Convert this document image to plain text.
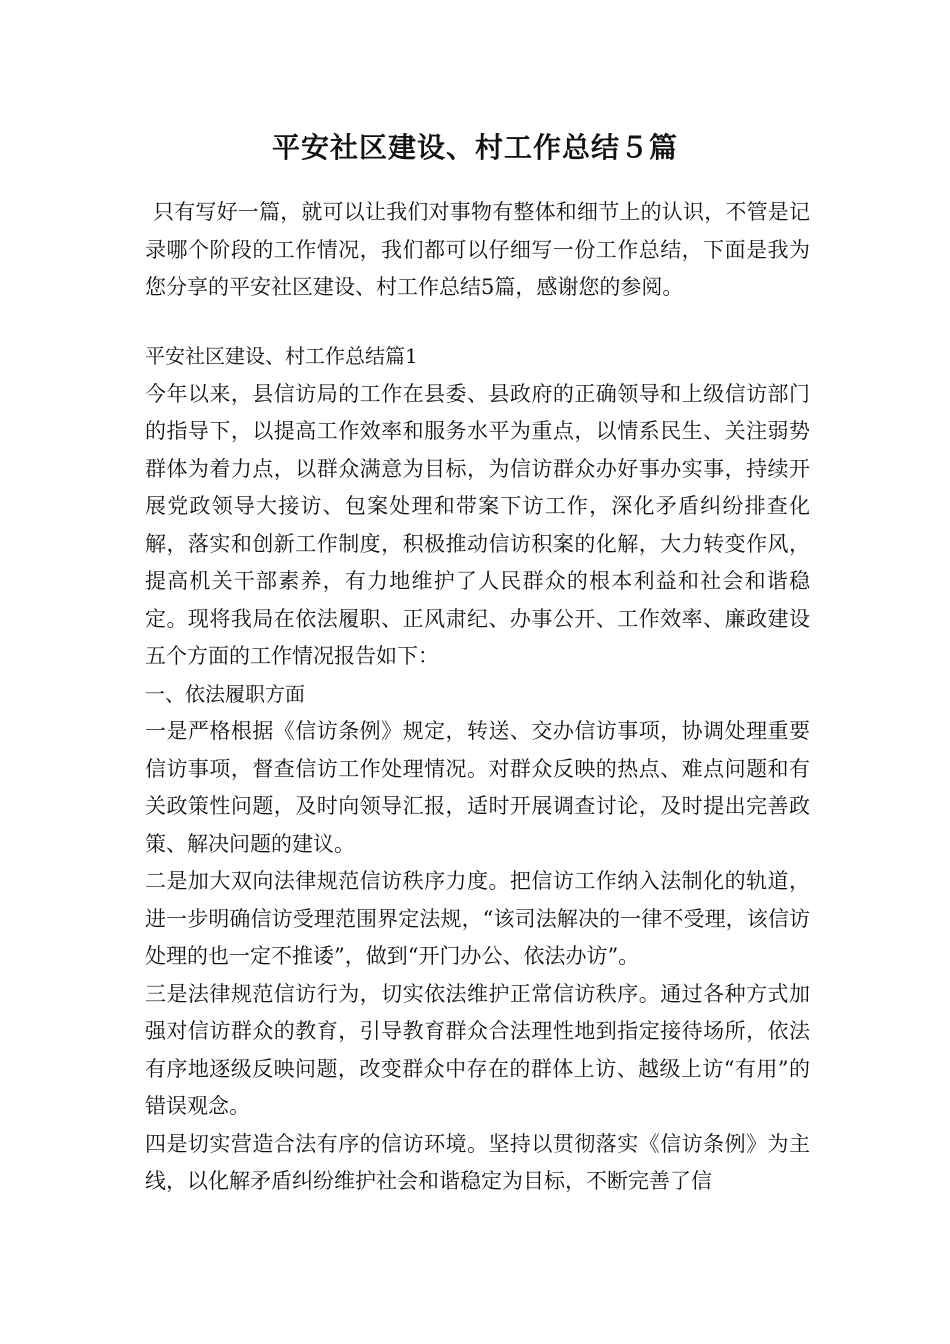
平安社区建设、村工作总结５篇

只有写好一篇，就可以让我们对事物有整体和细节上的认识，不管是记录哪个阶段的工作情况，我们都可以仔细写一份工作总结，下面是我为您分享的平安社区建设、村工作总结5篇，感谢您的参阅。

平安社区建设、村工作总结篇1

今年以来，县信访局的工作在县委、县政府的正确领导和上级信访部门的指导下，以提高工作效率和服务水平为重点，以情系民生、关注弱势群体为着力点，以群众满意为目标，为信访群众办好事办实事，持续开展党政领导大接访、包案处理和带案下访工作，深化矛盾纠纷排查化解，落实和创新工作制度，积极推动信访积案的化解，大力转变作风，提高机关干部素养，有力地维护了人民群众的根本利益和社会和谐稳定。现将我局在依法履职、正风肃纪、办事公开、工作效率、廉政建设五个方面的工作情况报告如下：

一、依法履职方面

一是严格根据《信访条例》规定，转送、交办信访事项，协调处理重要信访事项，督查信访工作处理情况。对群众反映的热点、难点问题和有关政策性问题，及时向领导汇报，适时开展调查讨论，及时提出完善政策、解决问题的建议。

二是加大双向法律规范信访秩序力度。把信访工作纳入法制化的轨道，进一步明确信访受理范围界定法规，“该司法解决的一律不受理，该信访处理的也一定不推诿”，做到“开门办公、依法办访”。

三是法律规范信访行为，切实依法维护正常信访秩序。通过各种方式加强对信访群众的教育，引导教育群众合法理性地到指定接待场所，依法有序地逐级反映问题，改变群众中存在的群体上访、越级上访“有用”的错误观念。

四是切实营造合法有序的信访环境。坚持以贯彻落实《信访条例》为主线，以化解矛盾纠纷维护社会和谐稳定为目标，不断完善了信
